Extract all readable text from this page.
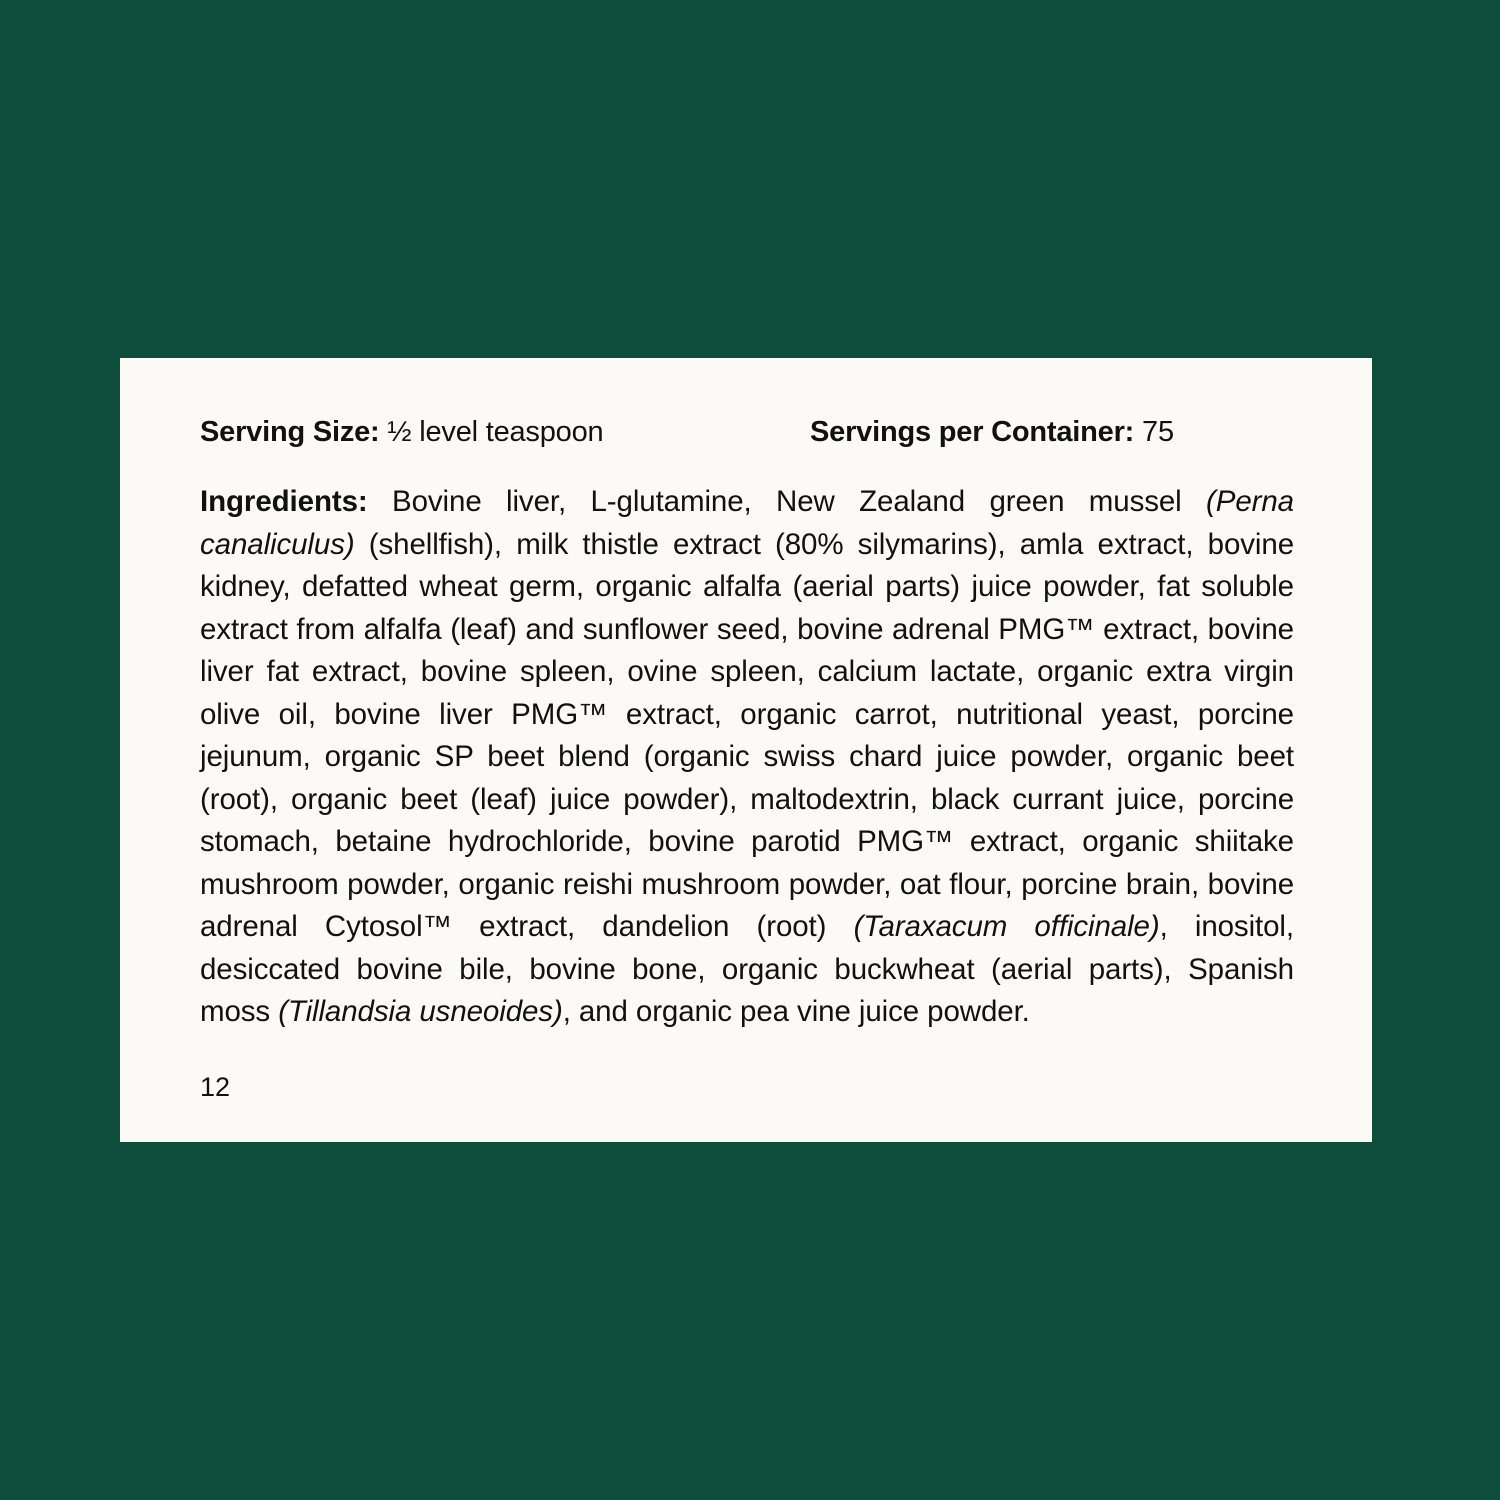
Serving Size: ½ level teaspoon	Servings per Container: 75
Ingredients: Bovine liver, L-glutamine, New Zealand green mussel (Perna canaliculus) (shellfish), milk thistle extract (80% silymarins), amla extract, bovine kidney, defatted wheat germ, organic alfalfa (aerial parts) juice powder, fat soluble extract from alfalfa (leaf) and sunflower seed, bovine adrenal PMG™ extract, bovine liver fat extract, bovine spleen, ovine spleen, calcium lactate, organic extra virgin olive oil, bovine liver PMG™ extract, organic carrot, nutritional yeast, porcine jejunum, organic SP beet blend (organic swiss chard juice powder, organic beet (root), organic beet (leaf) juice powder), maltodextrin, black currant juice, porcine stomach, betaine hydrochloride, bovine parotid PMG™ extract, organic shiitake mushroom powder, organic reishi mushroom powder, oat flour, porcine brain, bovine adrenal Cytosol™ extract, dandelion (root) (Taraxacum officinale), inositol, desiccated bovine bile, bovine bone, organic buckwheat (aerial parts), Spanish moss (Tillandsia usneoides), and organic pea vine juice powder.
12
